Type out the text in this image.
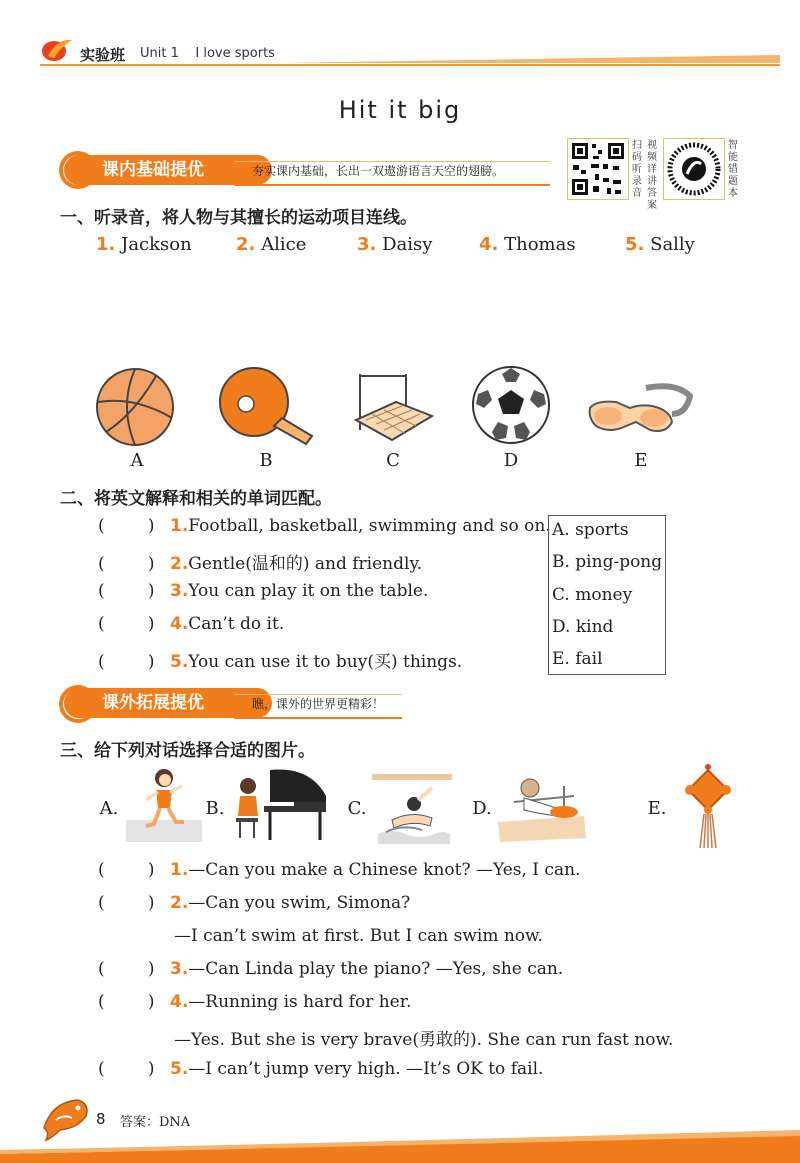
实验班 Unit 1    I love sports
Hit it big
课内基础提优	夯实课内基础，长出一双遨游语言天空的翅膀。
扫码听录音
视频详讲答案
智能错题本
一、听录音，将人物与其擅长的运动项目连线。
1. Jackson 2. Alice	3. Daisy	4. Thomas	5. Sally
A	B	C	D	E
二、将英文解释和相关的单词匹配。
(        ) 1.Football, basketball, swimming and so on.
(        ) 2.Gentle(温和的) and friendly.
(        ) 3.You can play it on the table.
(        ) 4.Can’t do it.
(        ) 5.You can use it to buy(买) things.
A. sports
B. ping-pong
C. money
D. kind
E. fail
课外拓展提优	瞧，课外的世界更精彩！
三、给下列对话选择合适的图片。
A.	B.	C.	D.	E.
(        ) 1.—Can you make a Chinese knot? —Yes, I can.
(        ) 2.—Can you swim, Simona?
—I can’t swim at first. But I can swim now.
(        ) 3.—Can Linda play the piano? —Yes, she can.
(        ) 4.—Running is hard for her.
—Yes. But she is very brave(勇敢的). She can run fast now.
(        ) 5.—I can’t jump very high. —It’s OK to fail.
8 答案：DNA
